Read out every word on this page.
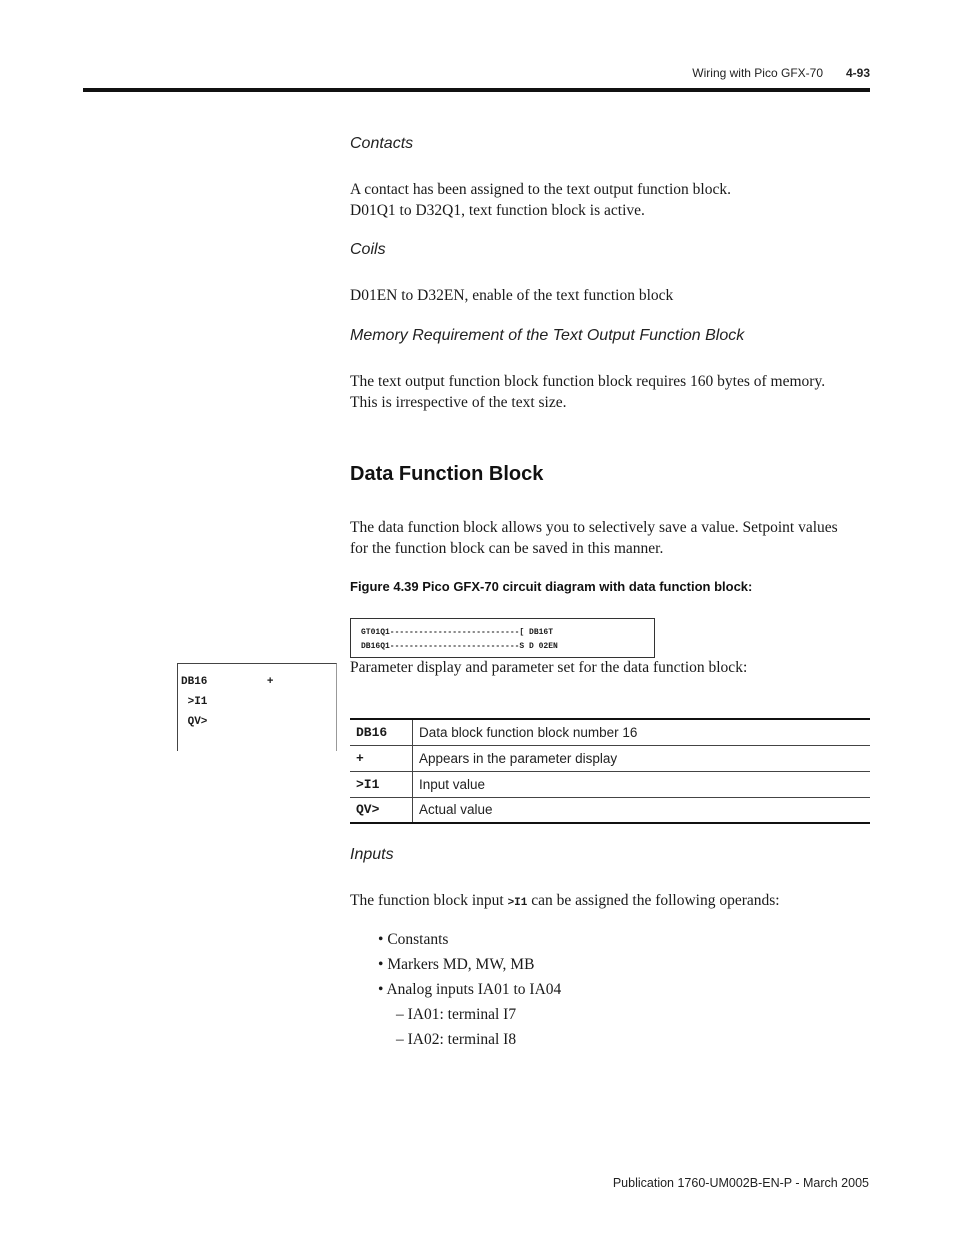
Wiring with Pico GFX-70 4-93
Contacts
A contact has been assigned to the text output function block.
D01Q1 to D32Q1, text function block is active.
Coils
D01EN to D32EN, enable of the text function block
Memory Requirement of the Text Output Function Block
The text output function block function block requires 160 bytes of memory.
This is irrespective of the text size.
Data Function Block
The data function block allows you to selectively save a value. Setpoint values
for the function block can be saved in this manner.
Figure 4.39 Pico GFX-70 circuit diagram with data function block:
GT01Q1---------------------------[ DB16T
DB16Q1---------------------------S D 02EN
DB16         +
>I1
QV>
Parameter display and parameter set for the data function block:
DB16	Data block function block number 16
+	Appears in the parameter display
>I1	Input value
QV>	Actual value
Inputs
The function block input >I1 can be assigned the following operands:
• Constants
• Markers MD, MW, MB
• Analog inputs IA01 to IA04
– IA01: terminal I7
– IA02: terminal I8
Publication 1760-UM002B-EN-P - March 2005
